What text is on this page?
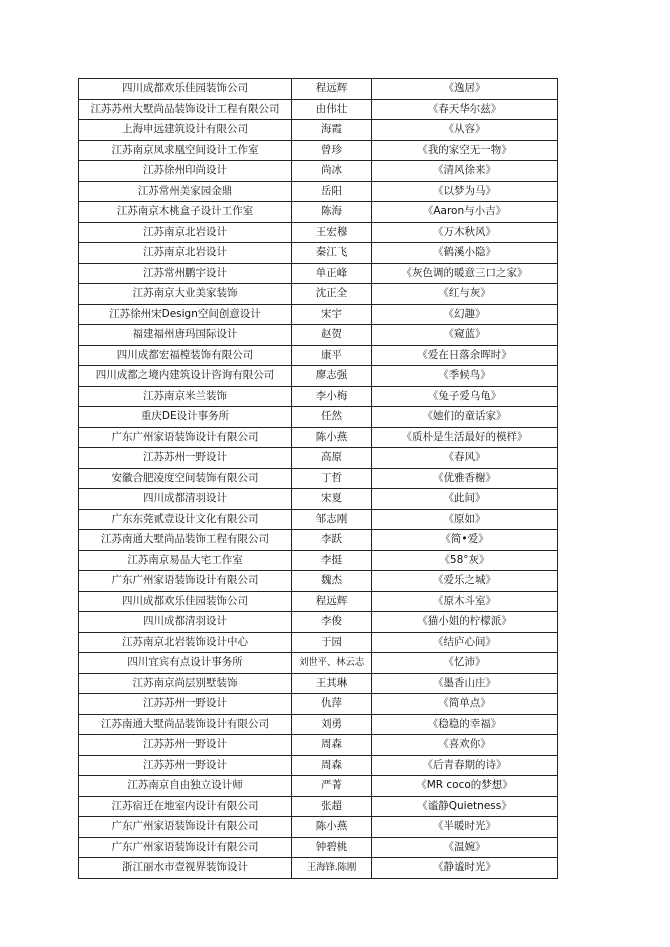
四川成都欢乐佳园装饰公司	程远辉	《逸居》
江苏苏州大墅尚品装饰设计工程有限公司	由伟壮	《春天华尔兹》
上海申远建筑设计有限公司	海霞	《从容》
江苏南京凤求凰空间设计工作室	曾珍	《我的家空无一物》
江苏徐州印尚设计	尚冰	《清风徐来》
江苏常州美家园金鼎	岳阳	《以梦为马》
江苏南京木桃盒子设计工作室	陈海	《Aaron与小吉》
江苏南京北岩设计	王宏穆	《万木秋风》
江苏南京北岩设计	秦江飞	《鹤溪小隐》
江苏常州鹏宇设计	单正峰	《灰色调的暖意三口之家》
江苏南京大业美家装饰	沈正全	《红与灰》
江苏徐州宋Design空间创意设计	宋宇	《幻趣》
福建福州唐玛国际设计	赵贺	《窥蓝》
四川成都宏福樘装饰有限公司	康平	《爱在日落余晖时》
四川成都之境内建筑设计咨询有限公司	廖志强	《季候鸟》
江苏南京米兰装饰	李小梅	《兔子爱乌龟》
重庆DE设计事务所	任然	《她们的童话家》
广东广州家语装饰设计有限公司	陈小燕	《质朴是生活最好的模样》
江苏苏州一野设计	高原	《春风》
安徽合肥凌度空间装饰有限公司	丁哲	《优雅香榭》
四川成都清羽设计	宋夏	《此间》
广东东莞贰壹设计文化有限公司	邹志刚	《原如》
江苏南通大墅尚品装饰工程有限公司	李跃	《简•爱》
江苏南京易品大宅工作室	李挺	《58°灰》
广东广州家语装饰设计有限公司	魏杰	《爱乐之城》
四川成都欢乐佳园装饰公司	程远辉	《原木斗室》
四川成都清羽设计	李俊	《猫小姐的柠檬派》
江苏南京北岩装饰设计中心	于园	《结庐心间》
四川宜宾有点设计事务所	刘世平、林云志	《忆沛》
江苏南京尚层别墅装饰	王其琳	《墨香山庄》
江苏苏州一野设计	仇萍	《简单点》
江苏南通大墅尚品装饰设计有限公司	刘勇	《稳稳的幸福》
江苏苏州一野设计	周森	《喜欢你》
江苏苏州一野设计	周森	《后青春期的诗》
江苏南京自由独立设计师	严菁	《MR coco的梦想》
江苏宿迁在地室内设计有限公司	张超	《谧静Quietness》
广东广州家语装饰设计有限公司	陈小燕	《半暖时光》
广东广州家语装饰设计有限公司	钟碧桃	《温婉》
浙江丽水市壹视界装饰设计	王海锋.陈刚	《静谧时光》
